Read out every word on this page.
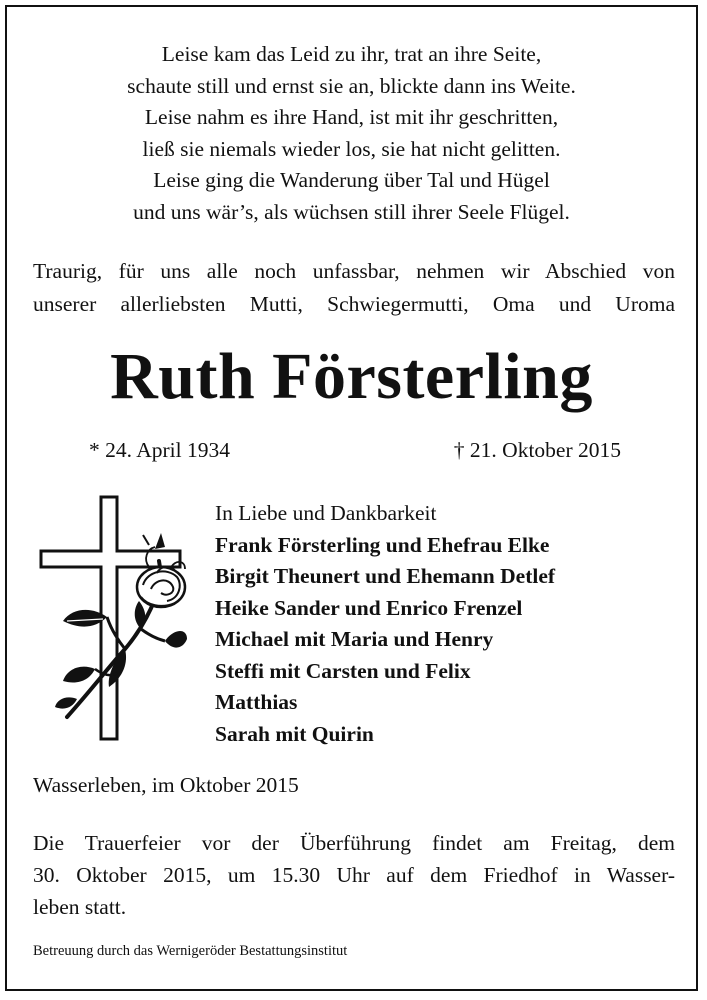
Leise kam das Leid zu ihr, trat an ihre Seite,
schaute still und ernst sie an, blickte dann ins Weite.
Leise nahm es ihre Hand, ist mit ihr geschritten,
ließ sie niemals wieder los, sie hat nicht gelitten.
Leise ging die Wanderung über Tal und Hügel
und uns wär’s, als wüchsen still ihrer Seele Flügel.
Traurig, für uns alle noch unfassbar, nehmen wir Abschied von
unserer allerliebsten Mutti, Schwiegermutti, Oma und Uroma
Ruth Försterling
* 24. April 1934	† 21. Oktober 2015
In Liebe und Dankbarkeit
Frank Försterling und Ehefrau Elke
Birgit Theunert und Ehemann Detlef
Heike Sander und Enrico Frenzel
Michael mit Maria und Henry
Steffi mit Carsten und Felix
Matthias
Sarah mit Quirin
Wasserleben, im Oktober 2015
Die Trauerfeier vor der Überführung findet am Freitag, dem
30. Oktober 2015, um 15.30 Uhr auf dem Friedhof in Wasser-
leben statt.
Betreuung durch das Wernigeröder Bestattungsinstitut
